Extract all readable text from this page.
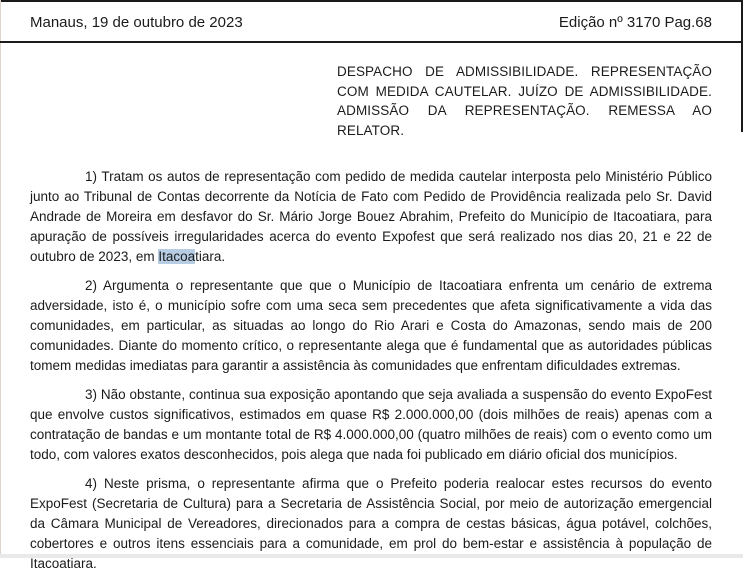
Manaus, 19 de outubro de 2023	Edição nº 3170 Pag.68
DESPACHO DE ADMISSIBILIDADE. REPRESENTAÇÃO COM MEDIDA CAUTELAR. JUÍZO DE ADMISSIBILIDADE. ADMISSÃO DA REPRESENTAÇÃO. REMESSA AO RELATOR.

1) Tratam os autos de representação com pedido de medida cautelar interposta pelo Ministério Público junto ao Tribunal de Contas decorrente da Notícia de Fato com Pedido de Providência realizada pelo Sr. David Andrade de Moreira em desfavor do Sr. Mário Jorge Bouez Abrahim, Prefeito do Município de Itacoatiara, para apuração de possíveis irregularidades acerca do evento Expofest que será realizado nos dias 20, 21 e 22 de outubro de 2023, em Itacoatiara.

2) Argumenta o representante que que o Município de Itacoatiara enfrenta um cenário de extrema adversidade, isto é, o município sofre com uma seca sem precedentes que afeta significativamente a vida das comunidades, em particular, as situadas ao longo do Rio Arari e Costa do Amazonas, sendo mais de 200 comunidades. Diante do momento crítico, o representante alega que é fundamental que as autoridades públicas tomem medidas imediatas para garantir a assistência às comunidades que enfrentam dificuldades extremas.

3) Não obstante, continua sua exposição apontando que seja avaliada a suspensão do evento ExpoFest que envolve custos significativos, estimados em quase R$ 2.000.000,00 (dois milhões de reais) apenas com a contratação de bandas e um montante total de R$ 4.000.000,00 (quatro milhões de reais) com o evento como um todo, com valores exatos desconhecidos, pois alega que nada foi publicado em diário oficial dos municípios.

4) Neste prisma, o representante afirma que o Prefeito poderia realocar estes recursos do evento ExpoFest (Secretaria de Cultura) para a Secretaria de Assistência Social, por meio de autorização emergencial da Câmara Municipal de Vereadores, direcionados para a compra de cestas básicas, água potável, colchões, cobertores e outros itens essenciais para a comunidade, em prol do bem-estar e assistência à população de Itacoatiara.
